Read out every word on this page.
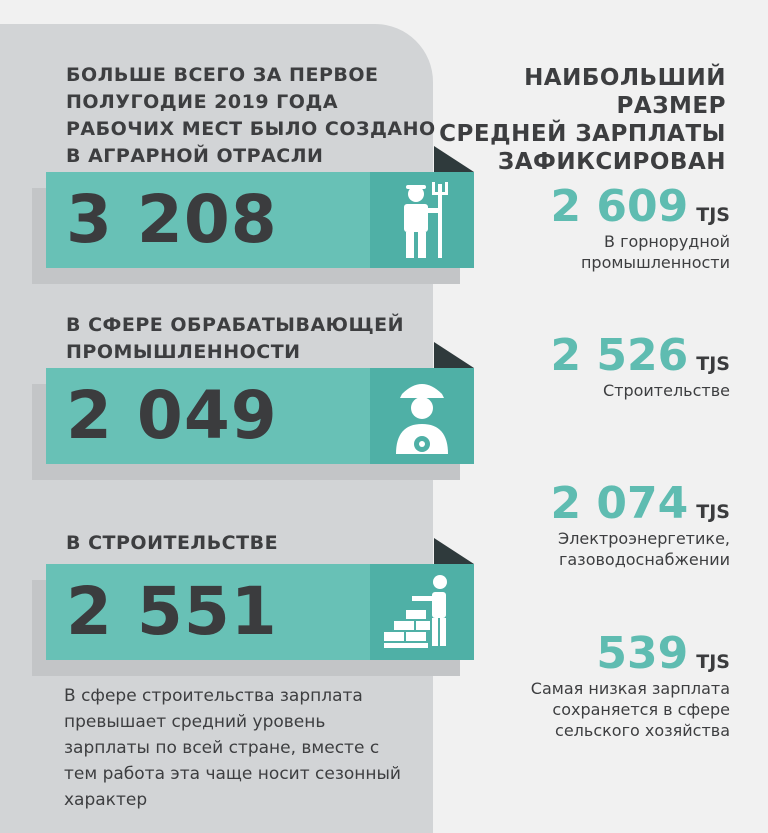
БОЛЬШЕ ВСЕГО ЗА ПЕРВОЕ
ПОЛУГОДИЕ 2019 ГОДА
РАБОЧИХ МЕСТ БЫЛО СОЗДАНО
В АГРАРНОЙ ОТРАСЛИ
3 208
В СФЕРЕ ОБРАБАТЫВАЮЩЕЙ
ПРОМЫШЛЕННОСТИ
2 049
В СТРОИТЕЛЬСТВЕ
2 551

В сфере строительства зарплата превышает средний уровень зарплаты по всей стране, вместе с тем работа эта чаще носит сезонный характер

НАИБОЛЬШИЙ РАЗМЕР
СРЕДНЕЙ ЗАРПЛАТЫ
ЗАФИКСИРОВАН
2 609 TJS
В горнорудной
промышленности
2 526 TJS
Строительстве
2 074 TJS
Электроэнергетике,
газоводоснабжении
539 TJS
Самая низкая зарплата
сохраняется в сфере
сельского хозяйства
